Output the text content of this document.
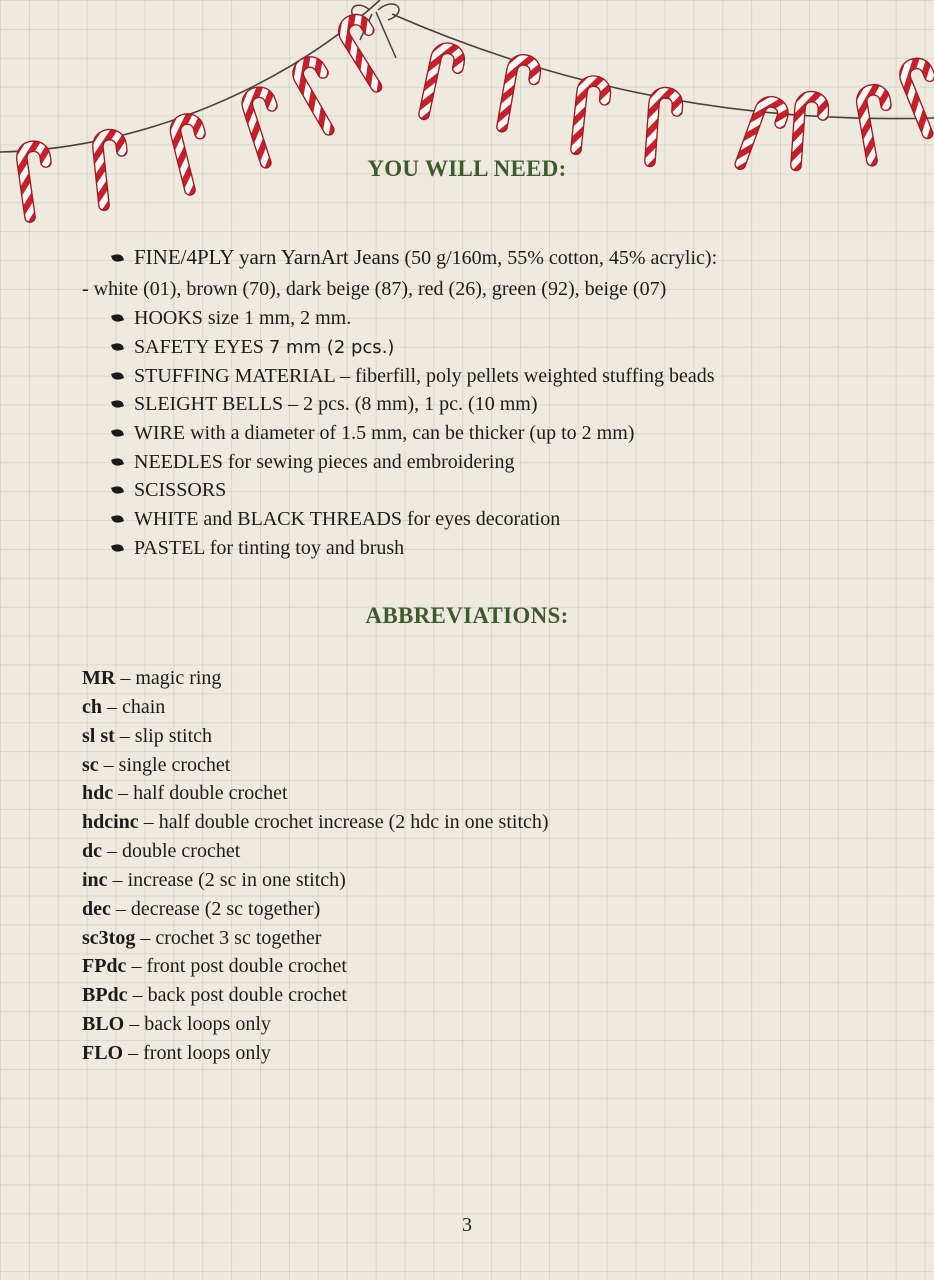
YOU WILL NEED:
FINE/4PLY yarn YarnArt Jeans (50 g/160m, 55% cotton, 45% acrylic):
- white (01), brown (70), dark beige (87), red (26), green (92), beige (07)
HOOKS size 1 mm, 2 mm.
SAFETY EYES 7 mm (2 pcs.)
STUFFING MATERIAL – fiberfill, poly pellets weighted stuffing beads
SLEIGHT BELLS – 2 pcs. (8 mm), 1 pc. (10 mm)
WIRE with a diameter of 1.5 mm, can be thicker (up to 2 mm)
NEEDLES for sewing pieces and embroidering
SCISSORS
WHITE and BLACK THREADS for eyes decoration
PASTEL for tinting toy and brush
ABBREVIATIONS:
MR – magic ring
ch – chain
sl st – slip stitch
sc – single crochet
hdc – half double crochet
hdcinc – half double crochet increase (2 hdc in one stitch)
dc – double crochet
inc – increase (2 sc in one stitch)
dec – decrease (2 sc together)
sc3tog – crochet 3 sc together
FPdc – front post double crochet
BPdc – back post double crochet
BLO – back loops only
FLO – front loops only
3
